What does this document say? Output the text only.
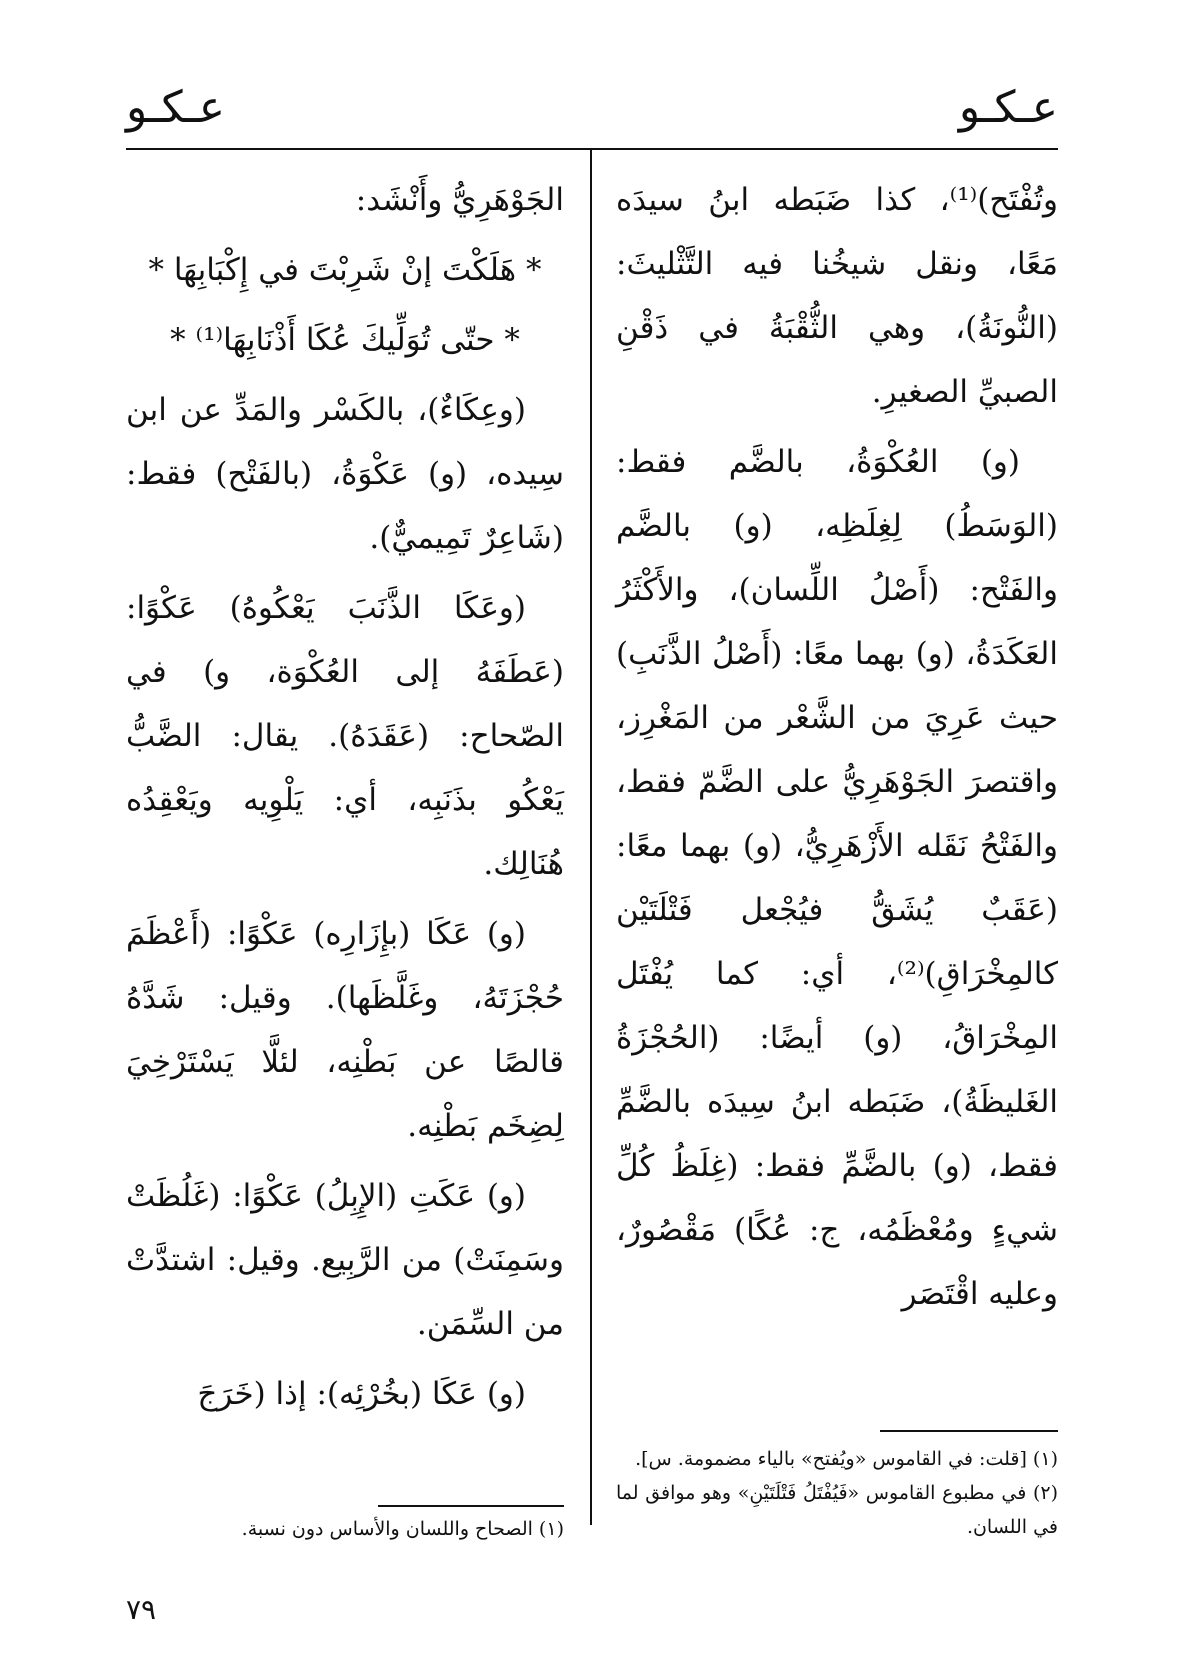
عـكـو
عـكـو

وتُفْتَح)⁽¹⁾، كذا ضَبَطه ابنُ سيدَه مَعًا، ونقل شيخُنا فيه التَّثْليثَ: (النُّونَةُ)، وهي الثُّقْبَةُ في ذَقْنِ الصبيِّ الصغيرِ.

(و) العُكْوَةُ، بالضَّم فقط: (الوَسَطُ) لِغِلَظِه، (و) بالضَّم والفَتْح: (أَصْلُ اللِّسان)، والأَكْثَرُ العَكَدَةُ، (و) بهما معًا: (أَصْلُ الذَّنَبِ) حيث عَرِيَ من الشَّعْر من المَغْرِز، واقتصرَ الجَوْهَرِيُّ على الضَّمّ فقط، والفَتْحُ نَقَله الأَزْهَرِيُّ، (و) بهما معًا: (عَقَبٌ يُشَقُّ فيُجْعل فَتْلَتَيْن كالمِخْرَاقِ)⁽²⁾، أي: كما يُفْتَل المِخْرَاقُ، (و) أيضًا: (الحُجْزَةُ الغَليظَةُ)، ضَبَطه ابنُ سِيدَه بالضَّمِّ فقط، (و) بالضَّمِّ فقط: (غِلَظُ كُلِّ شيءٍ ومُعْظَمُه، ج: عُكًا) مَقْصُورٌ، وعليه اقْتَصَر

الجَوْهَرِيُّ وأَنْشَد:

* هَلَكْتَ إنْ شَرِبْتَ في إِكْبَابِهَا *

* حتّى تُوَلِّيكَ عُكَا أَذْنَابِهَا⁽¹⁾ *

(وعِكَاءٌ)، بالكَسْر والمَدِّ عن ابن سِيده، (و) عَكْوَةُ، (بالفَتْح) فقط: (شَاعِرٌ تَمِيميٌّ).

(وعَكَا الذَّنَبَ يَعْكُوهُ) عَكْوًا: (عَطَفَهُ إلى العُكْوَة، و) في الصّحاح: (عَقَدَهُ). يقال: الضَّبُّ يَعْكُو بذَنَبِه، أي: يَلْوِيه ويَعْقِدُه هُنَالِك.

(و) عَكَا (بإِزَارِه) عَكْوًا: (أَعْظَمَ حُجْزَتَهُ، وغَلَّظَها). وقيل: شَدَّهُ قالصًا عن بَطْنِه، لئلَّا يَسْتَرْخِيَ لِضِخَم بَطْنِه.

(و) عَكَتِ (الإِبِلُ) عَكْوًا: (غَلُظَتْ وسَمِنَتْ) من الرَّبِيع. وقيل: اشتدَّتْ من السِّمَن.

(و) عَكَا (بخُرْئِه): إذا (خَرَجَ

(١) [قلت: في القاموس «ويُفتح» بالياء مضمومة. س].

(٢) في مطبوع القاموس «فَيُفْتَلُ فَتْلَتَيْنِ» وهو موافق لما في اللسان.

(١) الصحاح واللسان والأساس دون نسبة.

٧٩
